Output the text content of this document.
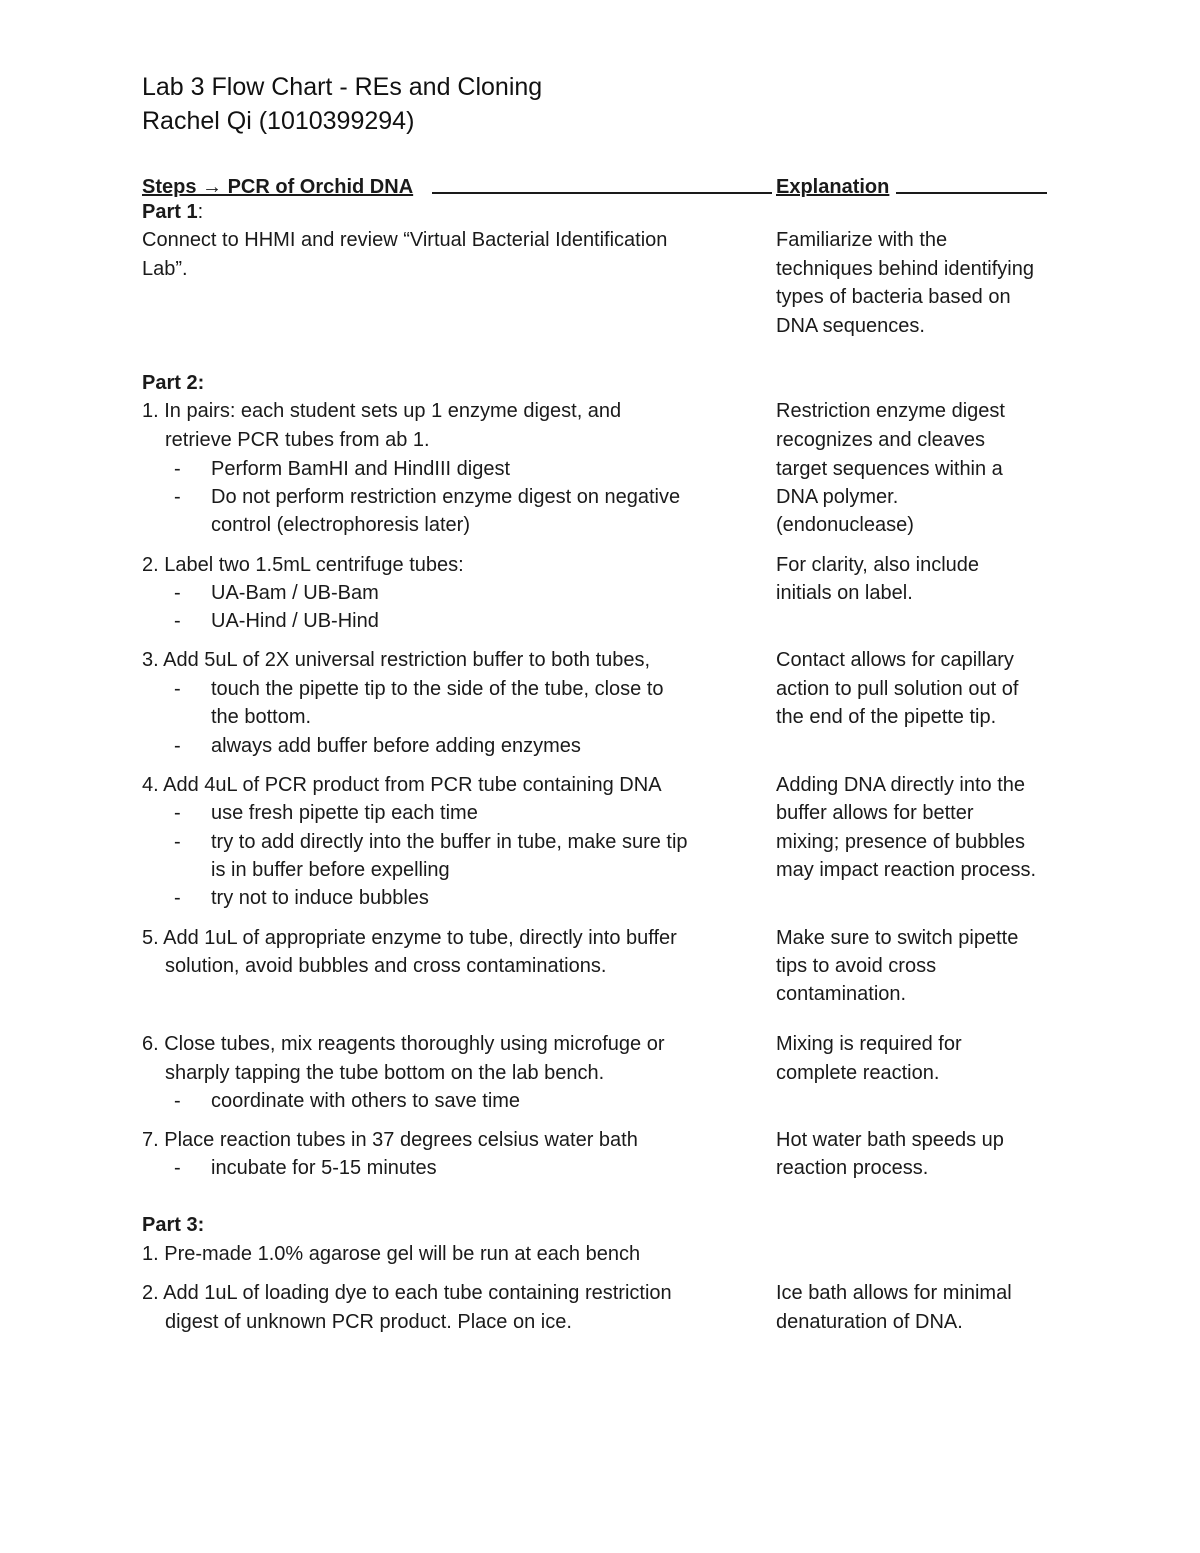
Lab 3 Flow Chart - REs and Cloning
Rachel Qi (1010399294)
Steps → PCR of Orchid DNA	Explanation
Part 1:
Connect to HHMI and review “Virtual Bacterial Identification
Lab”.
Familiarize with the
techniques behind identifying
types of bacteria based on
DNA sequences.
Part 2:
1. In pairs: each student sets up 1 enzyme digest, and
retrieve PCR tubes from ab 1.
- Perform BamHI and HindIII digest
- Do not perform restriction enzyme digest on negative
control (electrophoresis later)
Restriction enzyme digest
recognizes and cleaves
target sequences within a
DNA polymer.
(endonuclease)
2. Label two 1.5mL centrifuge tubes:
- UA-Bam / UB-Bam
- UA-Hind / UB-Hind
For clarity, also include
initials on label.
3. Add 5uL of 2X universal restriction buffer to both tubes,
- touch the pipette tip to the side of the tube, close to
the bottom.
- always add buffer before adding enzymes
Contact allows for capillary
action to pull solution out of
the end of the pipette tip.
4. Add 4uL of PCR product from PCR tube containing DNA
- use fresh pipette tip each time
- try to add directly into the buffer in tube, make sure tip
is in buffer before expelling
- try not to induce bubbles
Adding DNA directly into the
buffer allows for better
mixing; presence of bubbles
may impact reaction process.
5. Add 1uL of appropriate enzyme to tube, directly into buffer
solution, avoid bubbles and cross contaminations.
Make sure to switch pipette
tips to avoid cross
contamination.
6. Close tubes, mix reagents thoroughly using microfuge or
sharply tapping the tube bottom on the lab bench.
- coordinate with others to save time
Mixing is required for
complete reaction.
7. Place reaction tubes in 37 degrees celsius water bath
- incubate for 5-15 minutes
Hot water bath speeds up
reaction process.
Part 3:
1. Pre-made 1.0% agarose gel will be run at each bench
2. Add 1uL of loading dye to each tube containing restriction
digest of unknown PCR product. Place on ice.
Ice bath allows for minimal
denaturation of DNA.
